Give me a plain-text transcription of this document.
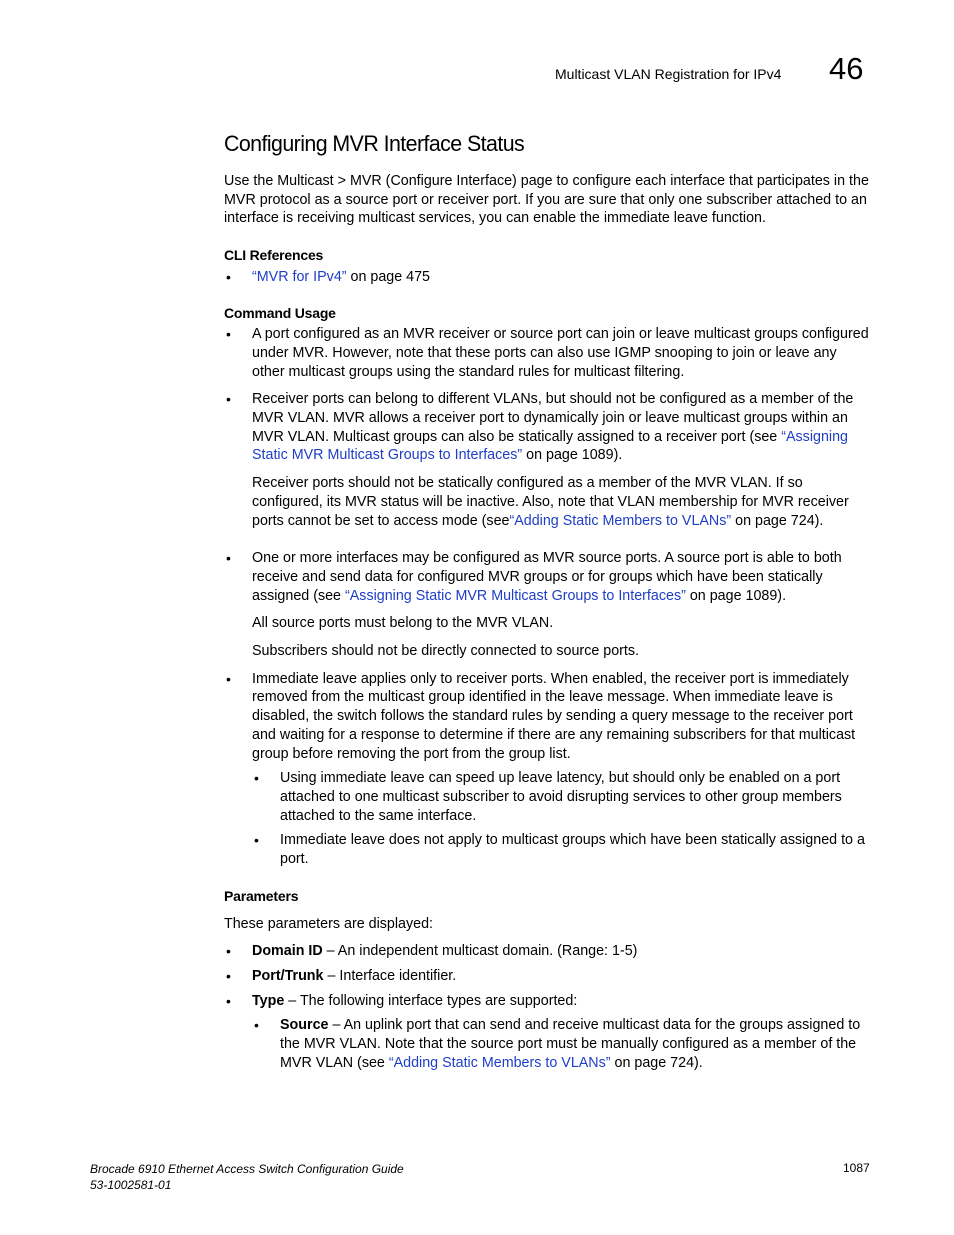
Multicast VLAN Registration for IPv4 46
Configuring MVR Interface Status

Use the Multicast > MVR (Configure Interface) page to configure each interface that participates in the MVR protocol as a source port or receiver port. If you are sure that only one subscriber attached to an interface is receiving multicast services, you can enable the immediate leave function.

CLI References

• “MVR for IPv4” on page 475

Command Usage

• A port configured as an MVR receiver or source port can join or leave multicast groups configured under MVR. However, note that these ports can also use IGMP snooping to join or leave any other multicast groups using the standard rules for multicast filtering.
• Receiver ports can belong to different VLANs, but should not be configured as a member of the MVR VLAN. MVR allows a receiver port to dynamically join or leave multicast groups within an MVR VLAN. Multicast groups can also be statically assigned to a receiver port (see “Assigning Static MVR Multicast Groups to Interfaces” on page 1089).

Receiver ports should not be statically configured as a member of the MVR VLAN. If so configured, its MVR status will be inactive. Also, note that VLAN membership for MVR receiver ports cannot be set to access mode (see“Adding Static Members to VLANs” on page 724).

• One or more interfaces may be configured as MVR source ports. A source port is able to both receive and send data for configured MVR groups or for groups which have been statically assigned (see “Assigning Static MVR Multicast Groups to Interfaces” on page 1089).

All source ports must belong to the MVR VLAN.

Subscribers should not be directly connected to source ports.

• Immediate leave applies only to receiver ports. When enabled, the receiver port is immediately removed from the multicast group identified in the leave message. When immediate leave is disabled, the switch follows the standard rules by sending a query message to the receiver port and waiting for a response to determine if there are any remaining subscribers for that multicast group before removing the port from the group list.

• Using immediate leave can speed up leave latency, but should only be enabled on a port attached to one multicast subscriber to avoid disrupting services to other group members attached to the same interface.
• Immediate leave does not apply to multicast groups which have been statically assigned to a port.

Parameters

These parameters are displayed:

• Domain ID – An independent multicast domain. (Range: 1-5)
• Port/Trunk – Interface identifier.
• Type – The following interface types are supported:
• Source – An uplink port that can send and receive multicast data for the groups assigned to the MVR VLAN. Note that the source port must be manually configured as a member of the MVR VLAN (see “Adding Static Members to VLANs” on page 724).
Brocade 6910 Ethernet Access Switch Configuration Guide
53-1002581-01
1087
